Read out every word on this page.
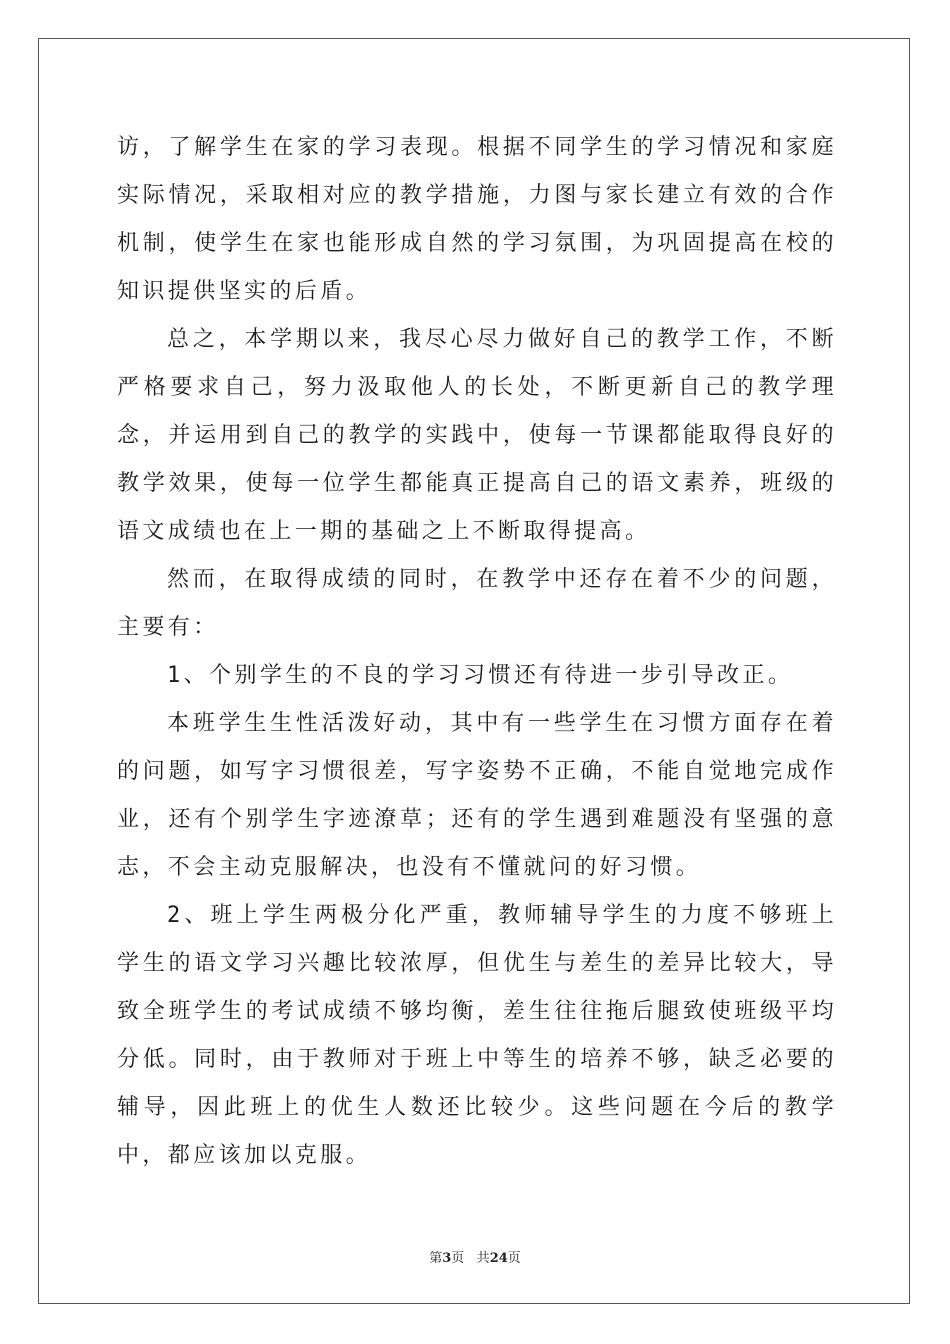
访，了解学生在家的学习表现。根据不同学生的学习情况和家庭实际情况，采取相对应的教学措施，力图与家长建立有效的合作机制，使学生在家也能形成自然的学习氛围，为巩固提高在校的知识提供坚实的后盾。

总之，本学期以来，我尽心尽力做好自己的教学工作，不断严格要求自己，努力汲取他人的长处，不断更新自己的教学理念，并运用到自己的教学的实践中，使每一节课都能取得良好的教学效果，使每一位学生都能真正提高自己的语文素养，班级的语文成绩也在上一期的基础之上不断取得提高。

然而，在取得成绩的同时，在教学中还存在着不少的问题，主要有：

1、个别学生的不良的学习习惯还有待进一步引导改正。

本班学生生性活泼好动，其中有一些学生在习惯方面存在着的问题，如写字习惯很差，写字姿势不正确，不能自觉地完成作业，还有个别学生字迹潦草；还有的学生遇到难题没有坚强的意志，不会主动克服解决，也没有不懂就问的好习惯。

2、班上学生两极分化严重，教师辅导学生的力度不够班上学生的语文学习兴趣比较浓厚，但优生与差生的差异比较大，导致全班学生的考试成绩不够均衡，差生往往拖后腿致使班级平均分低。同时，由于教师对于班上中等生的培养不够，缺乏必要的辅导，因此班上的优生人数还比较少。这些问题在今后的教学中，都应该加以克服。

第3页 共24页
